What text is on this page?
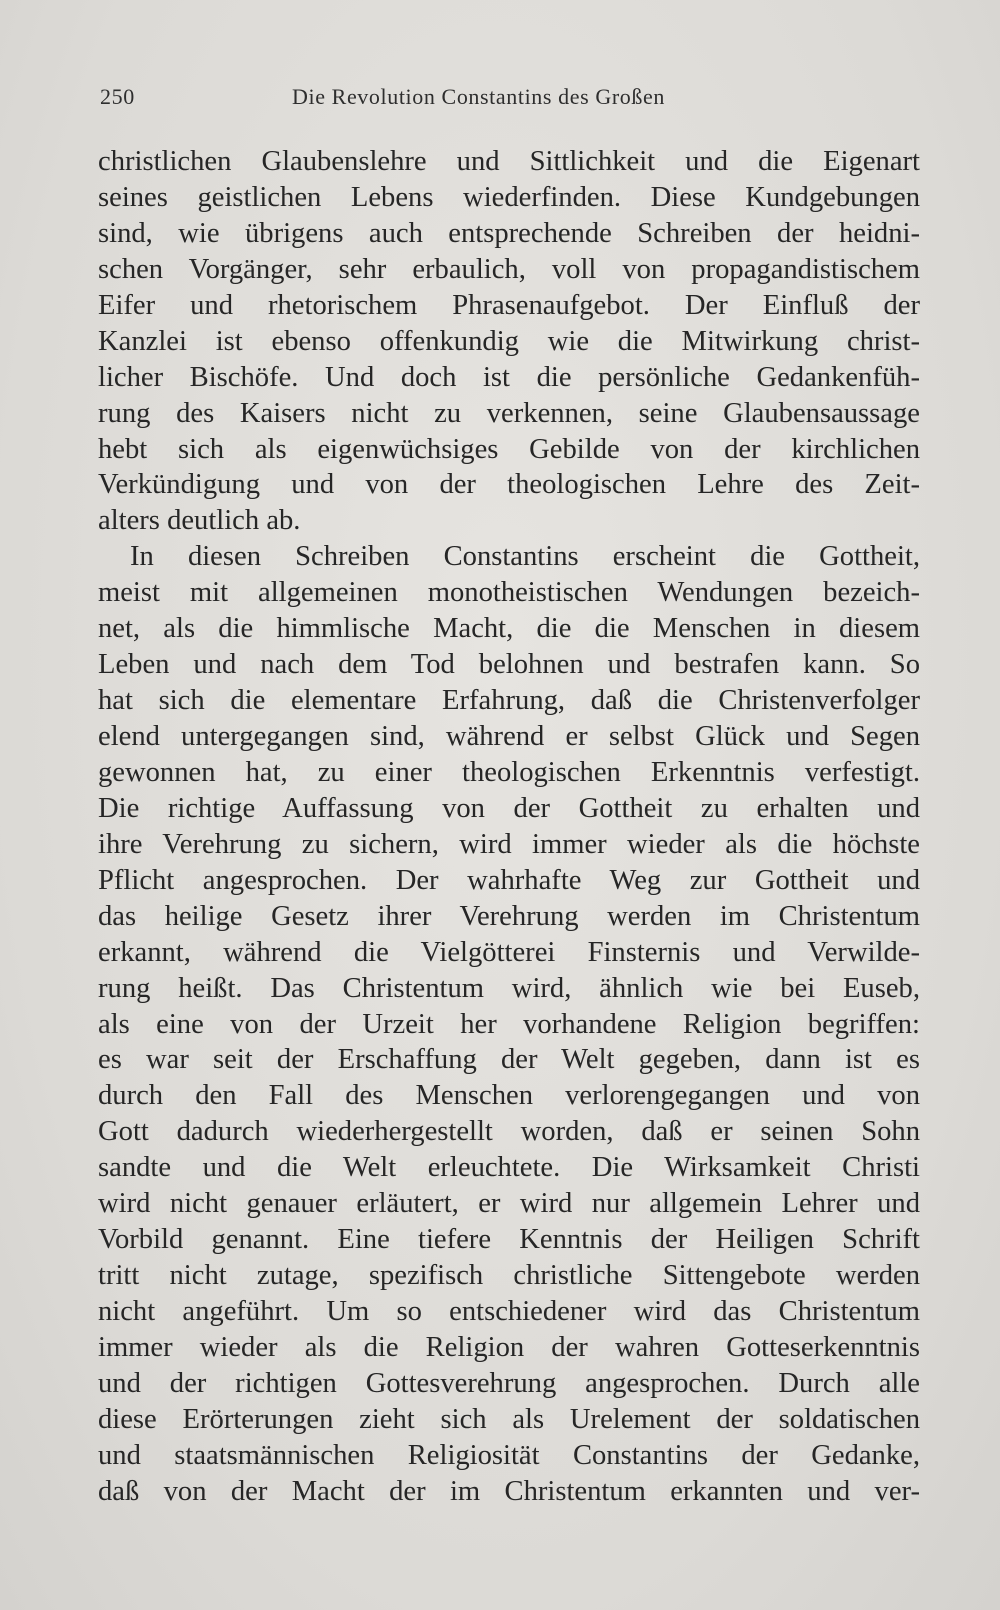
250	Die Revolution Constantins des Großen
christlichen Glaubenslehre und Sittlichkeit und die Eigenart
seines geistlichen Lebens wiederfinden. Diese Kundgebungen
sind, wie übrigens auch entsprechende Schreiben der heidni-
schen Vorgänger, sehr erbaulich, voll von propagandistischem
Eifer und rhetorischem Phrasenaufgebot. Der Einfluß der
Kanzlei ist ebenso offenkundig wie die Mitwirkung christ-
licher Bischöfe. Und doch ist die persönliche Gedankenfüh-
rung des Kaisers nicht zu verkennen, seine Glaubensaussage
hebt sich als eigenwüchsiges Gebilde von der kirchlichen
Verkündigung und von der theologischen Lehre des Zeit-
alters deutlich ab.
In diesen Schreiben Constantins erscheint die Gottheit,
meist mit allgemeinen monotheistischen Wendungen bezeich-
net, als die himmlische Macht, die die Menschen in diesem
Leben und nach dem Tod belohnen und bestrafen kann. So
hat sich die elementare Erfahrung, daß die Christenverfolger
elend untergegangen sind, während er selbst Glück und Segen
gewonnen hat, zu einer theologischen Erkenntnis verfestigt.
Die richtige Auffassung von der Gottheit zu erhalten und
ihre Verehrung zu sichern, wird immer wieder als die höchste
Pflicht angesprochen. Der wahrhafte Weg zur Gottheit und
das heilige Gesetz ihrer Verehrung werden im Christentum
erkannt, während die Vielgötterei Finsternis und Verwilde-
rung heißt. Das Christentum wird, ähnlich wie bei Euseb,
als eine von der Urzeit her vorhandene Religion begriffen:
es war seit der Erschaffung der Welt gegeben, dann ist es
durch den Fall des Menschen verlorengegangen und von
Gott dadurch wiederhergestellt worden, daß er seinen Sohn
sandte und die Welt erleuchtete. Die Wirksamkeit Christi
wird nicht genauer erläutert, er wird nur allgemein Lehrer und
Vorbild genannt. Eine tiefere Kenntnis der Heiligen Schrift
tritt nicht zutage, spezifisch christliche Sittengebote werden
nicht angeführt. Um so entschiedener wird das Christentum
immer wieder als die Religion der wahren Gotteserkenntnis
und der richtigen Gottesverehrung angesprochen. Durch alle
diese Erörterungen zieht sich als Urelement der soldatischen
und staatsmännischen Religiosität Constantins der Gedanke,
daß von der Macht der im Christentum erkannten und ver-
